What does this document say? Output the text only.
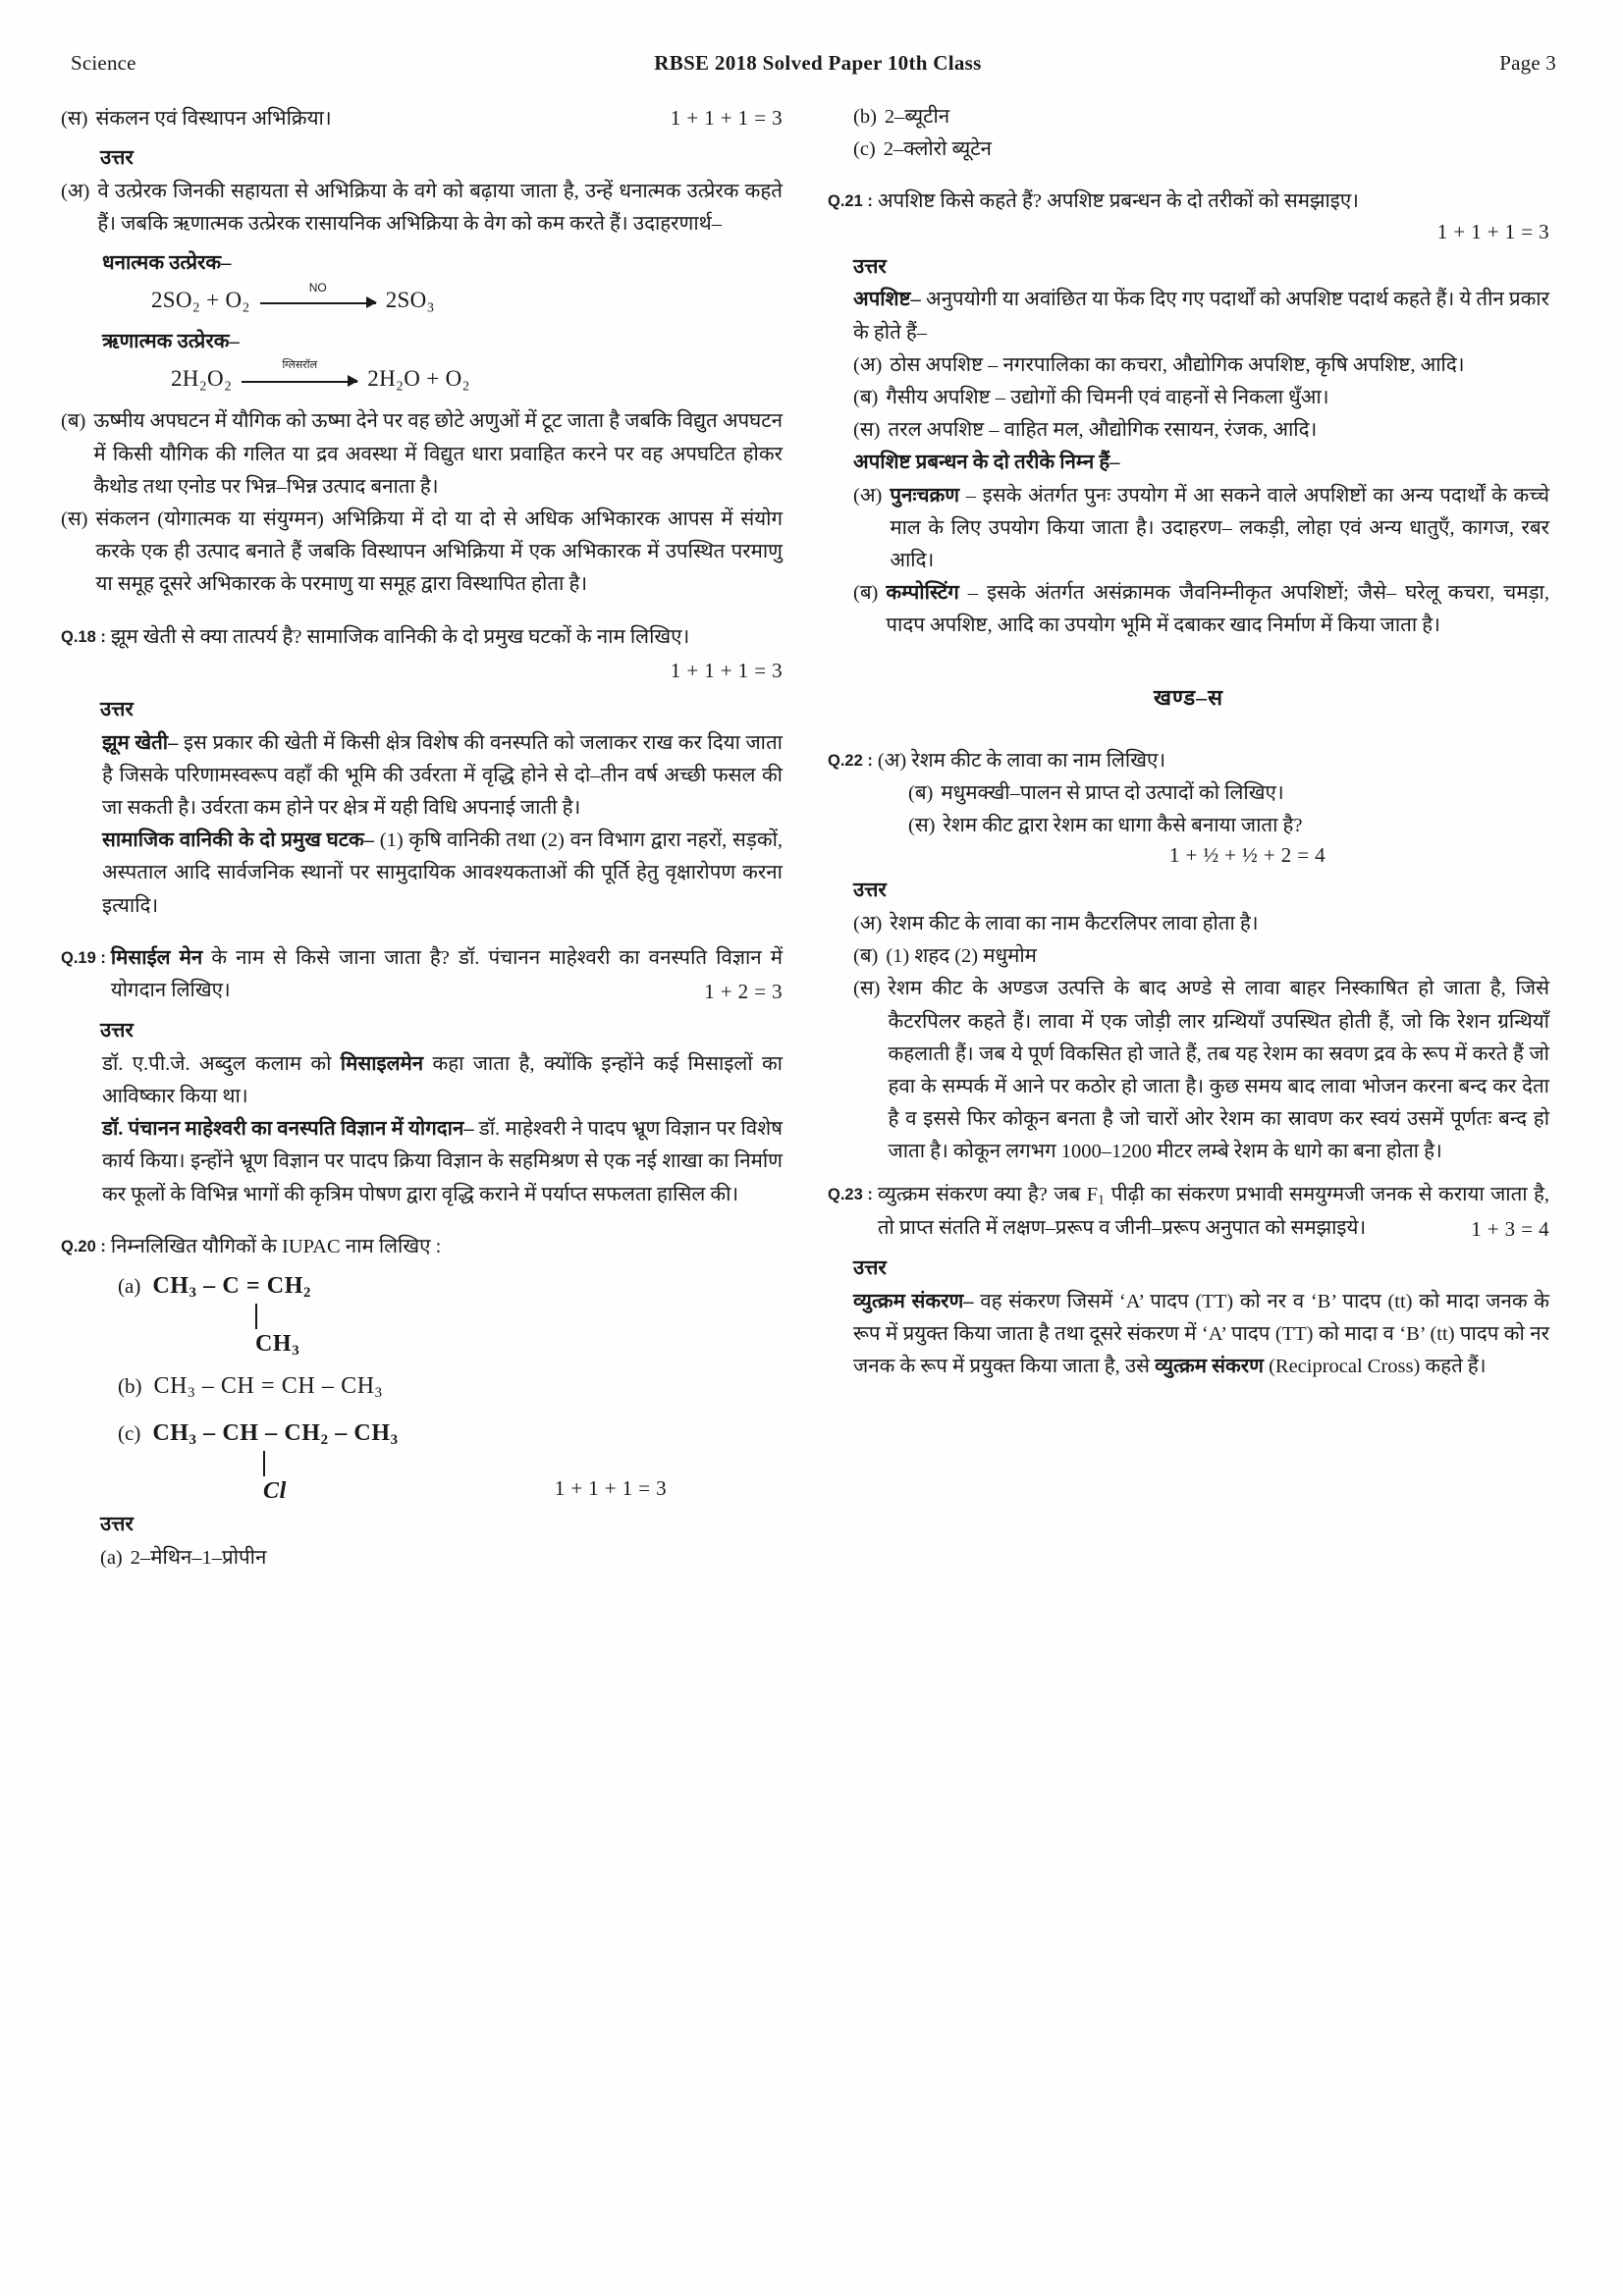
Science	RBSE 2018 Solved Paper 10th Class	Page 3
(स) संकलन एवं विस्थापन अभिक्रिया।	1 + 1 + 1 = 3
उत्तर
(अ) वे उत्प्रेरक जिनकी सहायता से अभिक्रिया के वगे को बढ़ाया जाता है, उन्हें धनात्मक उत्प्रेरक कहते हैं। जबकि ऋणात्मक उत्प्रेरक रासायनिक अभिक्रिया के वेग को कम करते हैं। उदाहरणार्थ–
धनात्मक उत्प्रेरक–
2SO₂ + O₂	NO	2SO₃
ऋणात्मक उत्प्रेरक–
2H₂O₂
ग्लिसरॉल
2H₂O + O₂
(ब) ऊष्मीय अपघटन में यौगिक को ऊष्मा देने पर वह छोटे अणुओं में टूट जाता है जबकि विद्युत अपघटन में किसी यौगिक की गलित या द्रव अवस्था में विद्युत धारा प्रवाहित करने पर वह अपघटित होकर कैथोड तथा एनोड पर भिन्न–भिन्न उत्पाद बनाता है।
(स) संकलन (योगात्मक या संयुग्मन) अभिक्रिया में दो या दो से अधिक अभिकारक आपस में संयोग करके एक ही उत्पाद बनाते हैं जबकि विस्थापन अभिक्रिया में एक अभिकारक में उपस्थित परमाणु या समूह दूसरे अभिकारक के परमाणु या समूह द्वारा विस्थापित होता है।
Q.18 : झूम खेती से क्या तात्पर्य है? सामाजिक वानिकी के दो प्रमुख घटकों के नाम लिखिए।
1 + 1 + 1 = 3
उत्तर
झूम खेती– इस प्रकार की खेती में किसी क्षेत्र विशेष की वनस्पति को जलाकर राख कर दिया जाता है जिसके परिणामस्वरूप वहाँ की भूमि की उर्वरता में वृद्धि होने से दो–तीन वर्ष अच्छी फसल की जा सकती है। उर्वरता कम होने पर क्षेत्र में यही विधि अपनाई जाती है।
सामाजिक वानिकी के दो प्रमुख घटक– (1) कृषि वानिकी तथा (2) वन विभाग द्वारा नहरों, सड़कों, अस्पताल आदि सार्वजनिक स्थानों पर सामुदायिक आवश्यकताओं की पूर्ति हेतु वृक्षारोपण करना इत्यादि।
Q.19 : मिसाईल मेन के नाम से किसे जाना जाता है? डॉ. पंचानन माहेश्वरी का वनस्पति विज्ञान में योगदान लिखिए।	1 + 2 = 3
उत्तर
डॉ. ए.पी.जे. अब्दुल कलाम को मिसाइलमेन कहा जाता है, क्योंकि इन्होंने कई मिसाइलों का आविष्कार किया था।
डॉ. पंचानन माहेश्वरी का वनस्पति विज्ञान में योगदान– डॉ. माहेश्वरी ने पादप भ्रूण विज्ञान पर विशेष कार्य किया। इन्होंने भ्रूण विज्ञान पर पादप क्रिया विज्ञान के सहमिश्रण से एक नई शाखा का निर्माण कर फूलों के विभिन्न भागों की कृत्रिम पोषण द्वारा वृद्धि कराने में पर्याप्त सफलता हासिल की।
Q.20 : निम्नलिखित यौगिकों के IUPAC नाम लिखिए :
(a) $CH_3 - C = CH_2$
$CH_3$
(b) $CH_3$ – CH = CH – $CH_3$
(c) $CH_3$ – CH – $CH_2 - CH_3$
Cl	1 + 1 + 1 = 3
उत्तर
(a) 2–मेथिन–1–प्रोपीन
(b) 2–ब्यूटीन
(c) 2–क्लोरो ब्यूटेन
Q.21 : अपशिष्ट किसे कहते हैं? अपशिष्ट प्रबन्धन के दो तरीकों को समझाइए।
1 + 1 + 1 = 3
उत्तर
अपशिष्ट– अनुपयोगी या अवांछित या फेंक दिए गए पदार्थों को अपशिष्ट पदार्थ कहते हैं। ये तीन प्रकार के होते हैं–
(अ) ठोस अपशिष्ट – नगरपालिका का कचरा, औद्योगिक अपशिष्ट, कृषि अपशिष्ट, आदि।
(ब) गैसीय अपशिष्ट – उद्योगों की चिमनी एवं वाहनों से निकला धुँआ।
(स) तरल अपशिष्ट – वाहित मल, औद्योगिक रसायन, रंजक, आदि।
अपशिष्ट प्रबन्धन के दो तरीके निम्न हैं–
(अ) पुनःचक्रण – इसके अंतर्गत पुनः उपयोग में आ सकने वाले अपशिष्टों का अन्य पदार्थों के कच्चे माल के लिए उपयोग किया जाता है। उदाहरण– लकड़ी, लोहा एवं अन्य धातुएँ, कागज, रबर आदि।
(ब) कम्पोस्टिंग – इसके अंतर्गत असंक्रामक जैवनिम्नीकृत अपशिष्टों; जैसे– घरेलू कचरा, चमड़ा, पादप अपशिष्ट, आदि का उपयोग भूमि में दबाकर खाद निर्माण में किया जाता है।
खण्ड–स
Q.22 : (अ) रेशम कीट के लावा का नाम लिखिए।
(ब) मधुमक्खी–पालन से प्राप्त दो उत्पादों को लिखिए।
(स) रेशम कीट द्वारा रेशम का धागा कैसे बनाया जाता है?
1 + ½ + ½ + 2 = 4
उत्तर
(अ) रेशम कीट के लावा का नाम कैटरलिपर लावा होता है।
(ब) (1) शहद (2) मधुमोम
(स) रेशम कीट के अण्डज उत्पत्ति के बाद अण्डे से लावा बाहर निस्काषित हो जाता है, जिसे कैटरपिलर कहते हैं। लावा में एक जोड़ी लार ग्रन्थियाँ उपस्थित होती हैं, जो कि रेशन ग्रन्थियाँ कहलाती हैं। जब ये पूर्ण विकसित हो जाते हैं, तब यह रेशम का स्रवण द्रव के रूप में करते हैं जो हवा के सम्पर्क में आने पर कठोर हो जाता है। कुछ समय बाद लावा भोजन करना बन्द कर देता है व इससे फिर कोकून बनता है जो चारों ओर रेशम का स्रावण कर स्वयं उसमें पूर्णतः बन्द हो जाता है। कोकून लगभग 1000–1200 मीटर लम्बे रेशम के धागे का बना होता है।
Q.23 : व्युत्क्रम संकरण क्या है? जब $F_1$ पीढ़ी का संकरण प्रभावी समयुग्मजी जनक से कराया जाता है, तो प्राप्त संतति में लक्षण–प्ररूप व जीनी–प्ररूप अनुपात को समझाइये।	1 + 3 = 4
उत्तर
व्युत्क्रम संकरण– वह संकरण जिसमें ‘A’ पादप (TT) को नर व ‘B’ पादप (tt) को मादा जनक के रूप में प्रयुक्त किया जाता है तथा दूसरे संकरण में ‘A’ पादप (TT) को मादा व ‘B’ (tt) पादप को नर जनक के रूप में प्रयुक्त किया जाता है, उसे व्युत्क्रम संकरण (Reciprocal Cross) कहते हैं।
